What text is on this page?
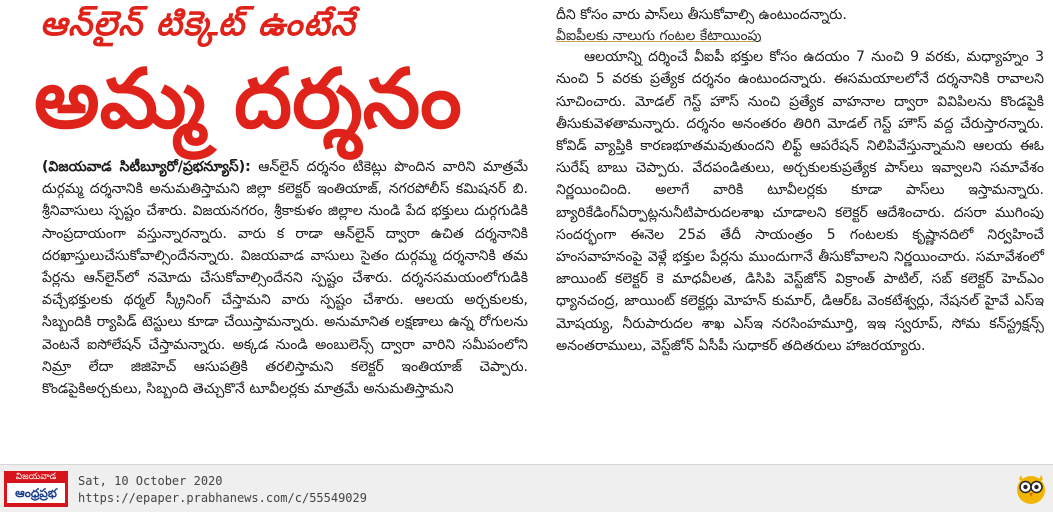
ఆన్‌లైన్ టిక్కెట్ ఉంటేనే
అమ్మ దర్శనం

(విజయవాడ సిటీబ్యూరో/ప్రభన్యూస్): ఆన్‌లైన్ దర్శనం టికెట్లు పొందిన వారిని మాత్రమే దుర్గమ్మ దర్శనానికి అనుమతిస్తామని జిల్లా కలెక్టర్ ఇంతియాజ్, నగరపోలీస్ కమిషనర్ బి. శ్రీనివాసులు స్పష్టం చేశారు. విజయనగరం, శ్రీకాకుళం జిల్లాల నుండి పేద భక్తులు దుర్గగుడికి సాంప్రదాయంగా వస్తున్నారన్నారు. వారు క రాడా ఆన్‌లైన్ ద్వారా ఉచిత దర్శనానికి దరఖాస్తులుచేసుకోవాల్సిందేనన్నారు. విజయవాడ వాసులు సైతం దుర్గమ్మ దర్శనానికి తమ పేర్లను ఆన్‌లైన్‌లో నమోదు చేసుకోవాల్సిందేనని స్పష్టం చేశారు. దర్శనసమయంలోగుడికి వచ్చేభక్తులకు థర్మల్ స్క్రీనింగ్ చేస్తామని వారు స్పష్టం చేశారు. ఆలయ అర్చకులకు, సిబ్బందికి ర్యాపిడ్ టెస్టులు కూడా చేయిస్తామన్నారు. అనుమానిత లక్షణాలు ఉన్న రోగులను వెంటనే ఐసోలేషన్ చేస్తామన్నారు. అక్కడ నుండి అంబులెన్స్ ద్వారా వారిని సమీపంలోని నిమ్రా లేదా జిజిహెచ్ ఆసుపత్రికి తరలిస్తామని కలెక్టర్ ఇంతియాజ్ చెప్పారు. కొండపైకిఅర్చకులు, సిబ్బంది తెచ్చుకొనే టూవీలర్లకు మాత్రమే అనుమతిస్తామని

దీని కోసం వారు పాస్‌లు తీసుకోవాల్సి ఉంటుందన్నారు.

వీఐపీలకు నాలుగు గంటల కేటాయింపు

ఆలయాన్ని దర్శించే వీఐపీ భక్తుల కోసం ఉదయం 7 నుంచి 9 వరకు, మధ్యాహ్నం 3 నుంచి 5 వరకు ప్రత్యేక దర్శనం ఉంటుందన్నారు. ఈసమయాలలోనే దర్శనానికి రావాలని సూచించారు. మోడల్ గెస్ట్ హౌస్ నుంచి ప్రత్యేక వాహనాల ద్వారా వివిపిలను కొండపైకి తీసుకువెళతామన్నారు. దర్శనం అనంతరం తిరిగి మోడల్ గెస్ట్ హౌస్ వద్ద చేరుస్తారన్నారు. కోవిడ్ వ్యాప్తికి కారణభూతమవుతుందని లిఫ్ట్ ఆపరేషన్ నిలిపివేస్తున్నామని ఆలయ ఈఓ సురేష్ బాబు చెప్పారు. వేదపండితులు, అర్చకులకుప్రత్యేక పాస్‌లు ఇవ్వాలని సమావేశం నిర్ణయించింది. అలాగే వారికి టూవీలర్లకు కూడా పాస్‌లు ఇస్తామన్నారు. బ్యారికేడింగ్‌ఏర్పాట్లనునీటిపారుదలశాఖ చూడాలని కలెక్టర్ ఆదేశించారు. దసరా ముగింపు సందర్భంగా ఈనెల 25వ తేదీ సాయంత్రం 5 గంటలకు కృష్ణానదిలో నిర్వహించే హంసవాహనంపై వెళ్లే భక్తుల పేర్లను ముందుగానే తీసుకోవాలని నిర్ణయించారు. సమావేశంలో జాయింట్ కలెక్టర్ కె మాధవీలత, డిసిపి వెస్ట్‌జోన్ విక్రాంత్ పాటిల్, సబ్ కలెక్టర్ హెచ్ఎం ధ్యానచంద్ర, జాయింట్ కలెక్టర్లు మోహన్ కుమార్, డిఆర్ఓ వెంకటేశ్వర్లు, నేషనల్ హైవే ఎస్ఇ మోషయ్య, నీరుపారుదల శాఖ ఎస్ఇ నరసింహమూర్తి, ఇఇ స్వరూప్, సోమ కన్‌స్ట్రక్షన్స్ అనంతరాములు, వెస్ట్‌జోన్ ఏసీపీ సుధాకర్ తదితరులు హాజరయ్యారు.

విజయవాడ
ఆంధ్రప్రభ
Sat, 10 October 2020
https://epaper.prabhanews.com/c/55549029
